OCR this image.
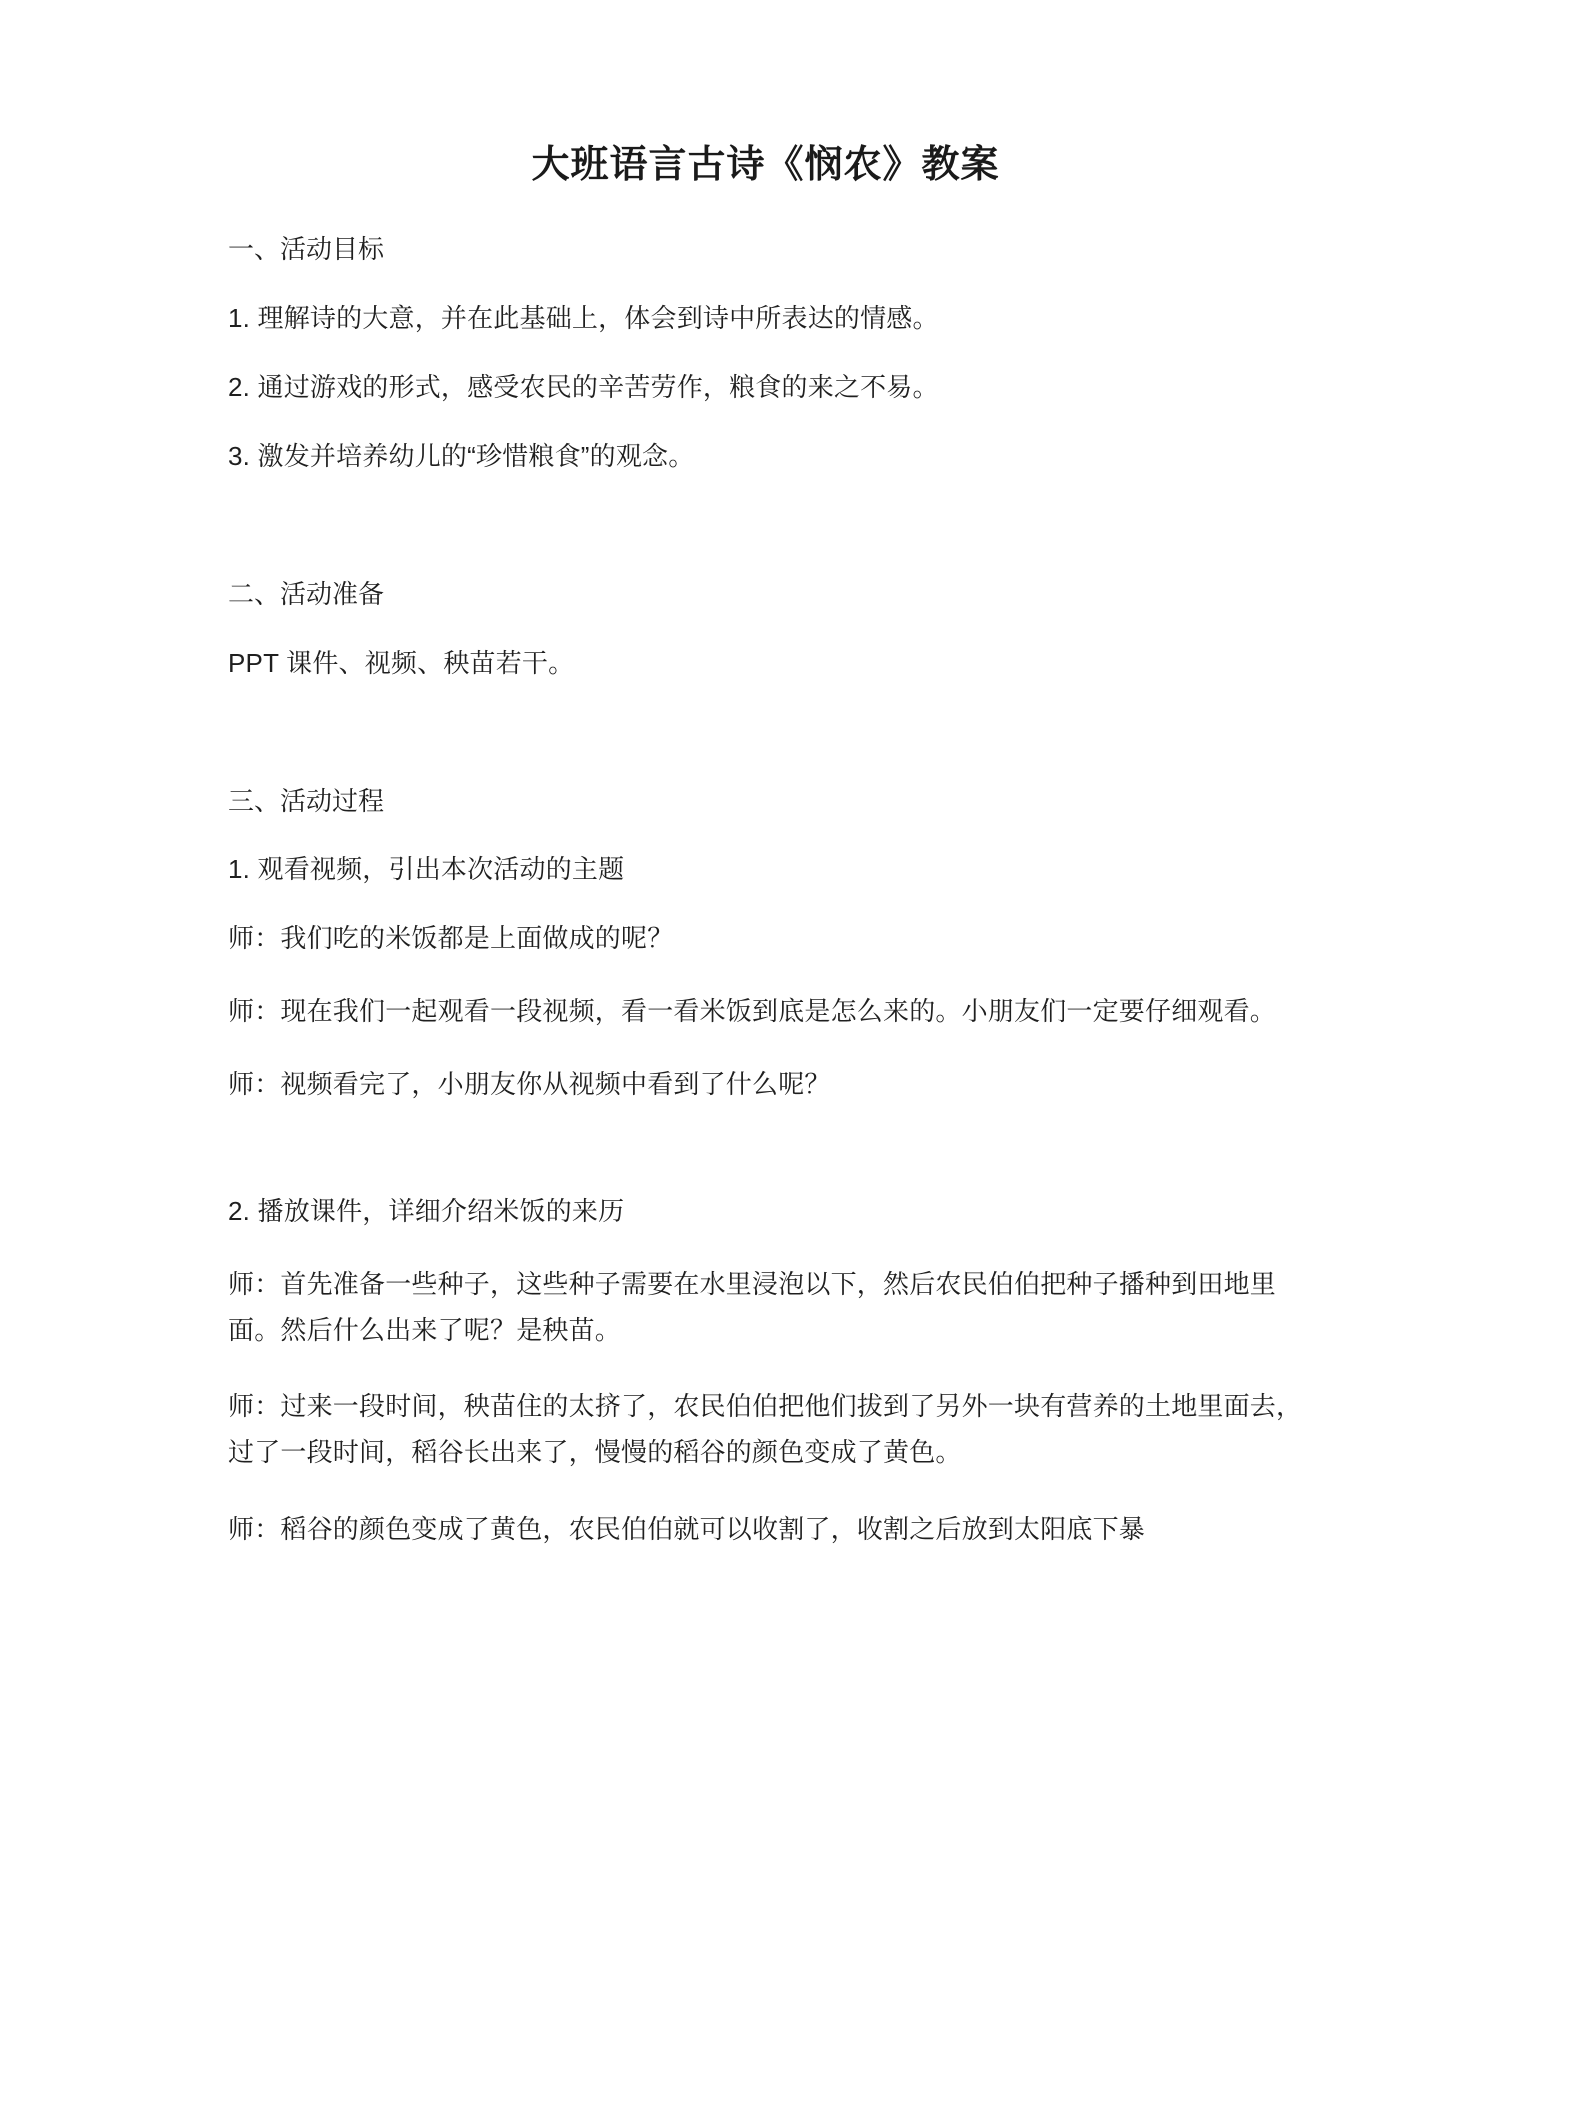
大班语言古诗《悯农》教案

一、活动目标

1. 理解诗的大意，并在此基础上，体会到诗中所表达的情感。

2. 通过游戏的形式，感受农民的辛苦劳作，粮食的来之不易。

3. 激发并培养幼儿的“珍惜粮食”的观念。

二、活动准备

PPT 课件、视频、秧苗若干。

三、活动过程

1. 观看视频，引出本次活动的主题

师：我们吃的米饭都是上面做成的呢？

师：现在我们一起观看一段视频，看一看米饭到底是怎么来的。小朋友们一定要仔细观看。

师：视频看完了，小朋友你从视频中看到了什么呢？

2. 播放课件，详细介绍米饭的来历

师：首先准备一些种子，这些种子需要在水里浸泡以下，然后农民伯伯把种子播种到田地里面。然后什么出来了呢？是秧苗。

师：过来一段时间，秧苗住的太挤了，农民伯伯把他们拔到了另外一块有营养的土地里面去，过了一段时间，稻谷长出来了，慢慢的稻谷的颜色变成了黄色。

师：稻谷的颜色变成了黄色，农民伯伯就可以收割了，收割之后放到太阳底下暴
